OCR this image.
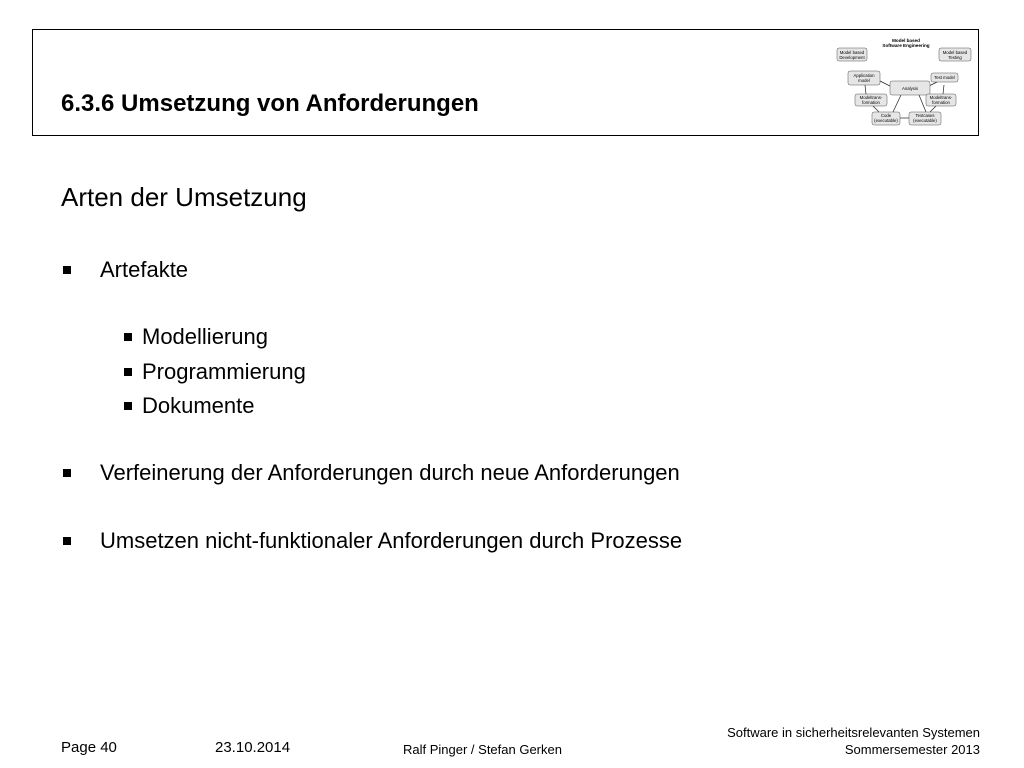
6.3.6 Umsetzung von Anforderungen
Model based
Software Engineering
Model based
Development
Model based
Testing
Application
model
Test model
Analysis
Modeltrans-
formation
Modeltrans-
formation
Code
(executable)
Testcases
(executable)
Arten der Umsetzung
Artefakte
Modellierung
Programmierung
Dokumente
Verfeinerung der Anforderungen durch neue Anforderungen
Umsetzen nicht-funktionaler Anforderungen durch Prozesse
Page 40	23.10.2014	Ralf Pinger / Stefan Gerken
Software in sicherheitsrelevanten Systemen
Sommersemester 2013
